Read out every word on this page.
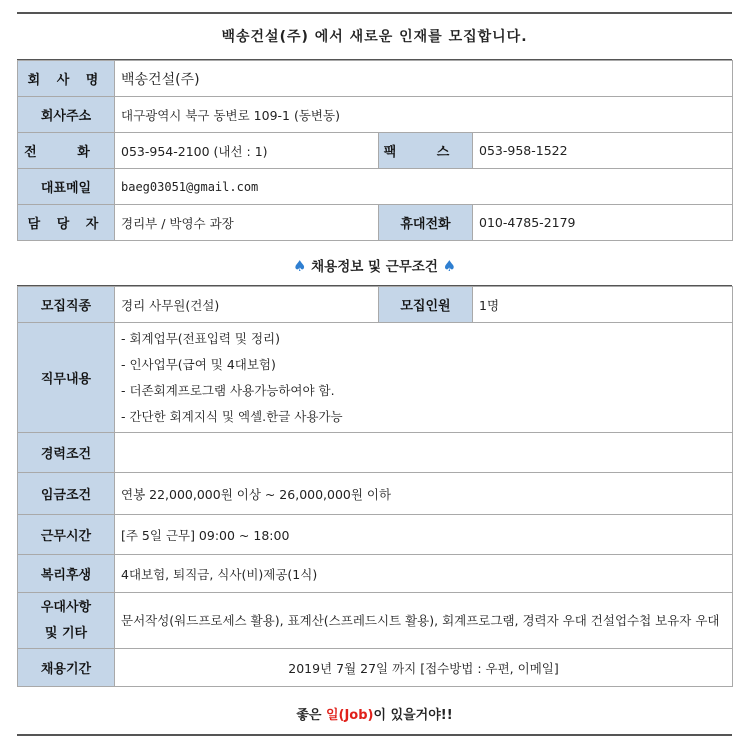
백송건설(주) 에서 새로운 인재를 모집합니다.
회 사 명	백송건설(주)		
회사주소	대구광역시 북구 동변로 109-1 (동변동)		
전 화	053-954-2100 (내선 : 1)	팩 스	053-958-1522
대표메일	baeg03051@gmail.com		
담 당 자	경리부 / 박영수 과장	휴대전화	010-4785-2179
♠ 채용정보 및 근무조건 ♠
모집직종	경리 사무원(건설)	모집인원	1명
직무내용	- 회계업무(전표입력 및 정리)
- 인사업무(급여 및 4대보험)
- 더존회계프로그램 사용가능하여야 함.
- 간단한 회계지식 및 엑셀.한글 사용가능		

경력조건			
임금조건	연봉 22,000,000원 이상 ~ 26,000,000원 이하		
근무시간	[주 5일 근무] 09:00 ~ 18:00		
복리후생	4대보험, 퇴직금, 식사(비)제공(1식)		

우대사항
및 기타	문서작성(워드프로세스 활용), 표계산(스프레드시트 활용), 회계프로그램, 경력자 우대 건설업수첩 보유자 우대		
채용기간	2019년 7월 27일 까지 [접수방법 : 우편, 이메일]		
좋은 일(Job)이 있을거야!!
